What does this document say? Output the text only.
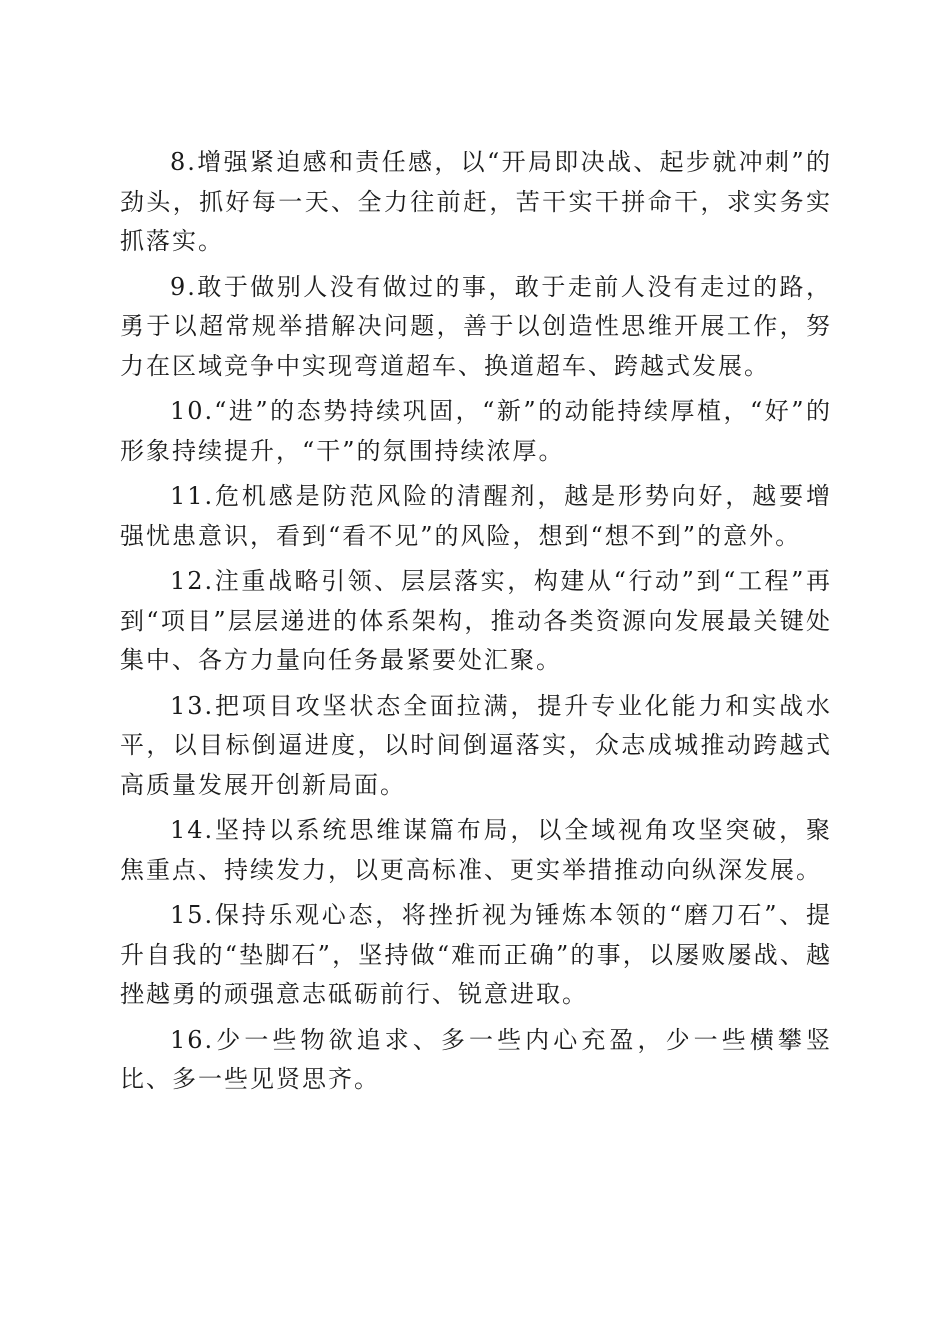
8.增强紧迫感和责任感，以“开局即决战、起步就冲刺”的劲头，抓好每一天、全力往前赶，苦干实干拼命干，求实务实抓落实。

9.敢于做别人没有做过的事，敢于走前人没有走过的路，勇于以超常规举措解决问题，善于以创造性思维开展工作，努力在区域竞争中实现弯道超车、换道超车、跨越式发展。

10.“进”的态势持续巩固，“新”的动能持续厚植，“好”的形象持续提升，“干”的氛围持续浓厚。

11.危机感是防范风险的清醒剂，越是形势向好，越要增强忧患意识，看到“看不见”的风险，想到“想不到”的意外。

12.注重战略引领、层层落实，构建从“行动”到“工程”再到“项目”层层递进的体系架构，推动各类资源向发展最关键处集中、各方力量向任务最紧要处汇聚。

13.把项目攻坚状态全面拉满，提升专业化能力和实战水平，以目标倒逼进度，以时间倒逼落实，众志成城推动跨越式高质量发展开创新局面。

14.坚持以系统思维谋篇布局，以全域视角攻坚突破，聚焦重点、持续发力，以更高标准、更实举措推动向纵深发展。

15.保持乐观心态，将挫折视为锤炼本领的“磨刀石”、提升自我的“垫脚石”，坚持做“难而正确”的事，以屡败屡战、越挫越勇的顽强意志砥砺前行、锐意进取。

16.少一些物欲追求、多一些内心充盈，少一些横攀竖比、多一些见贤思齐。
